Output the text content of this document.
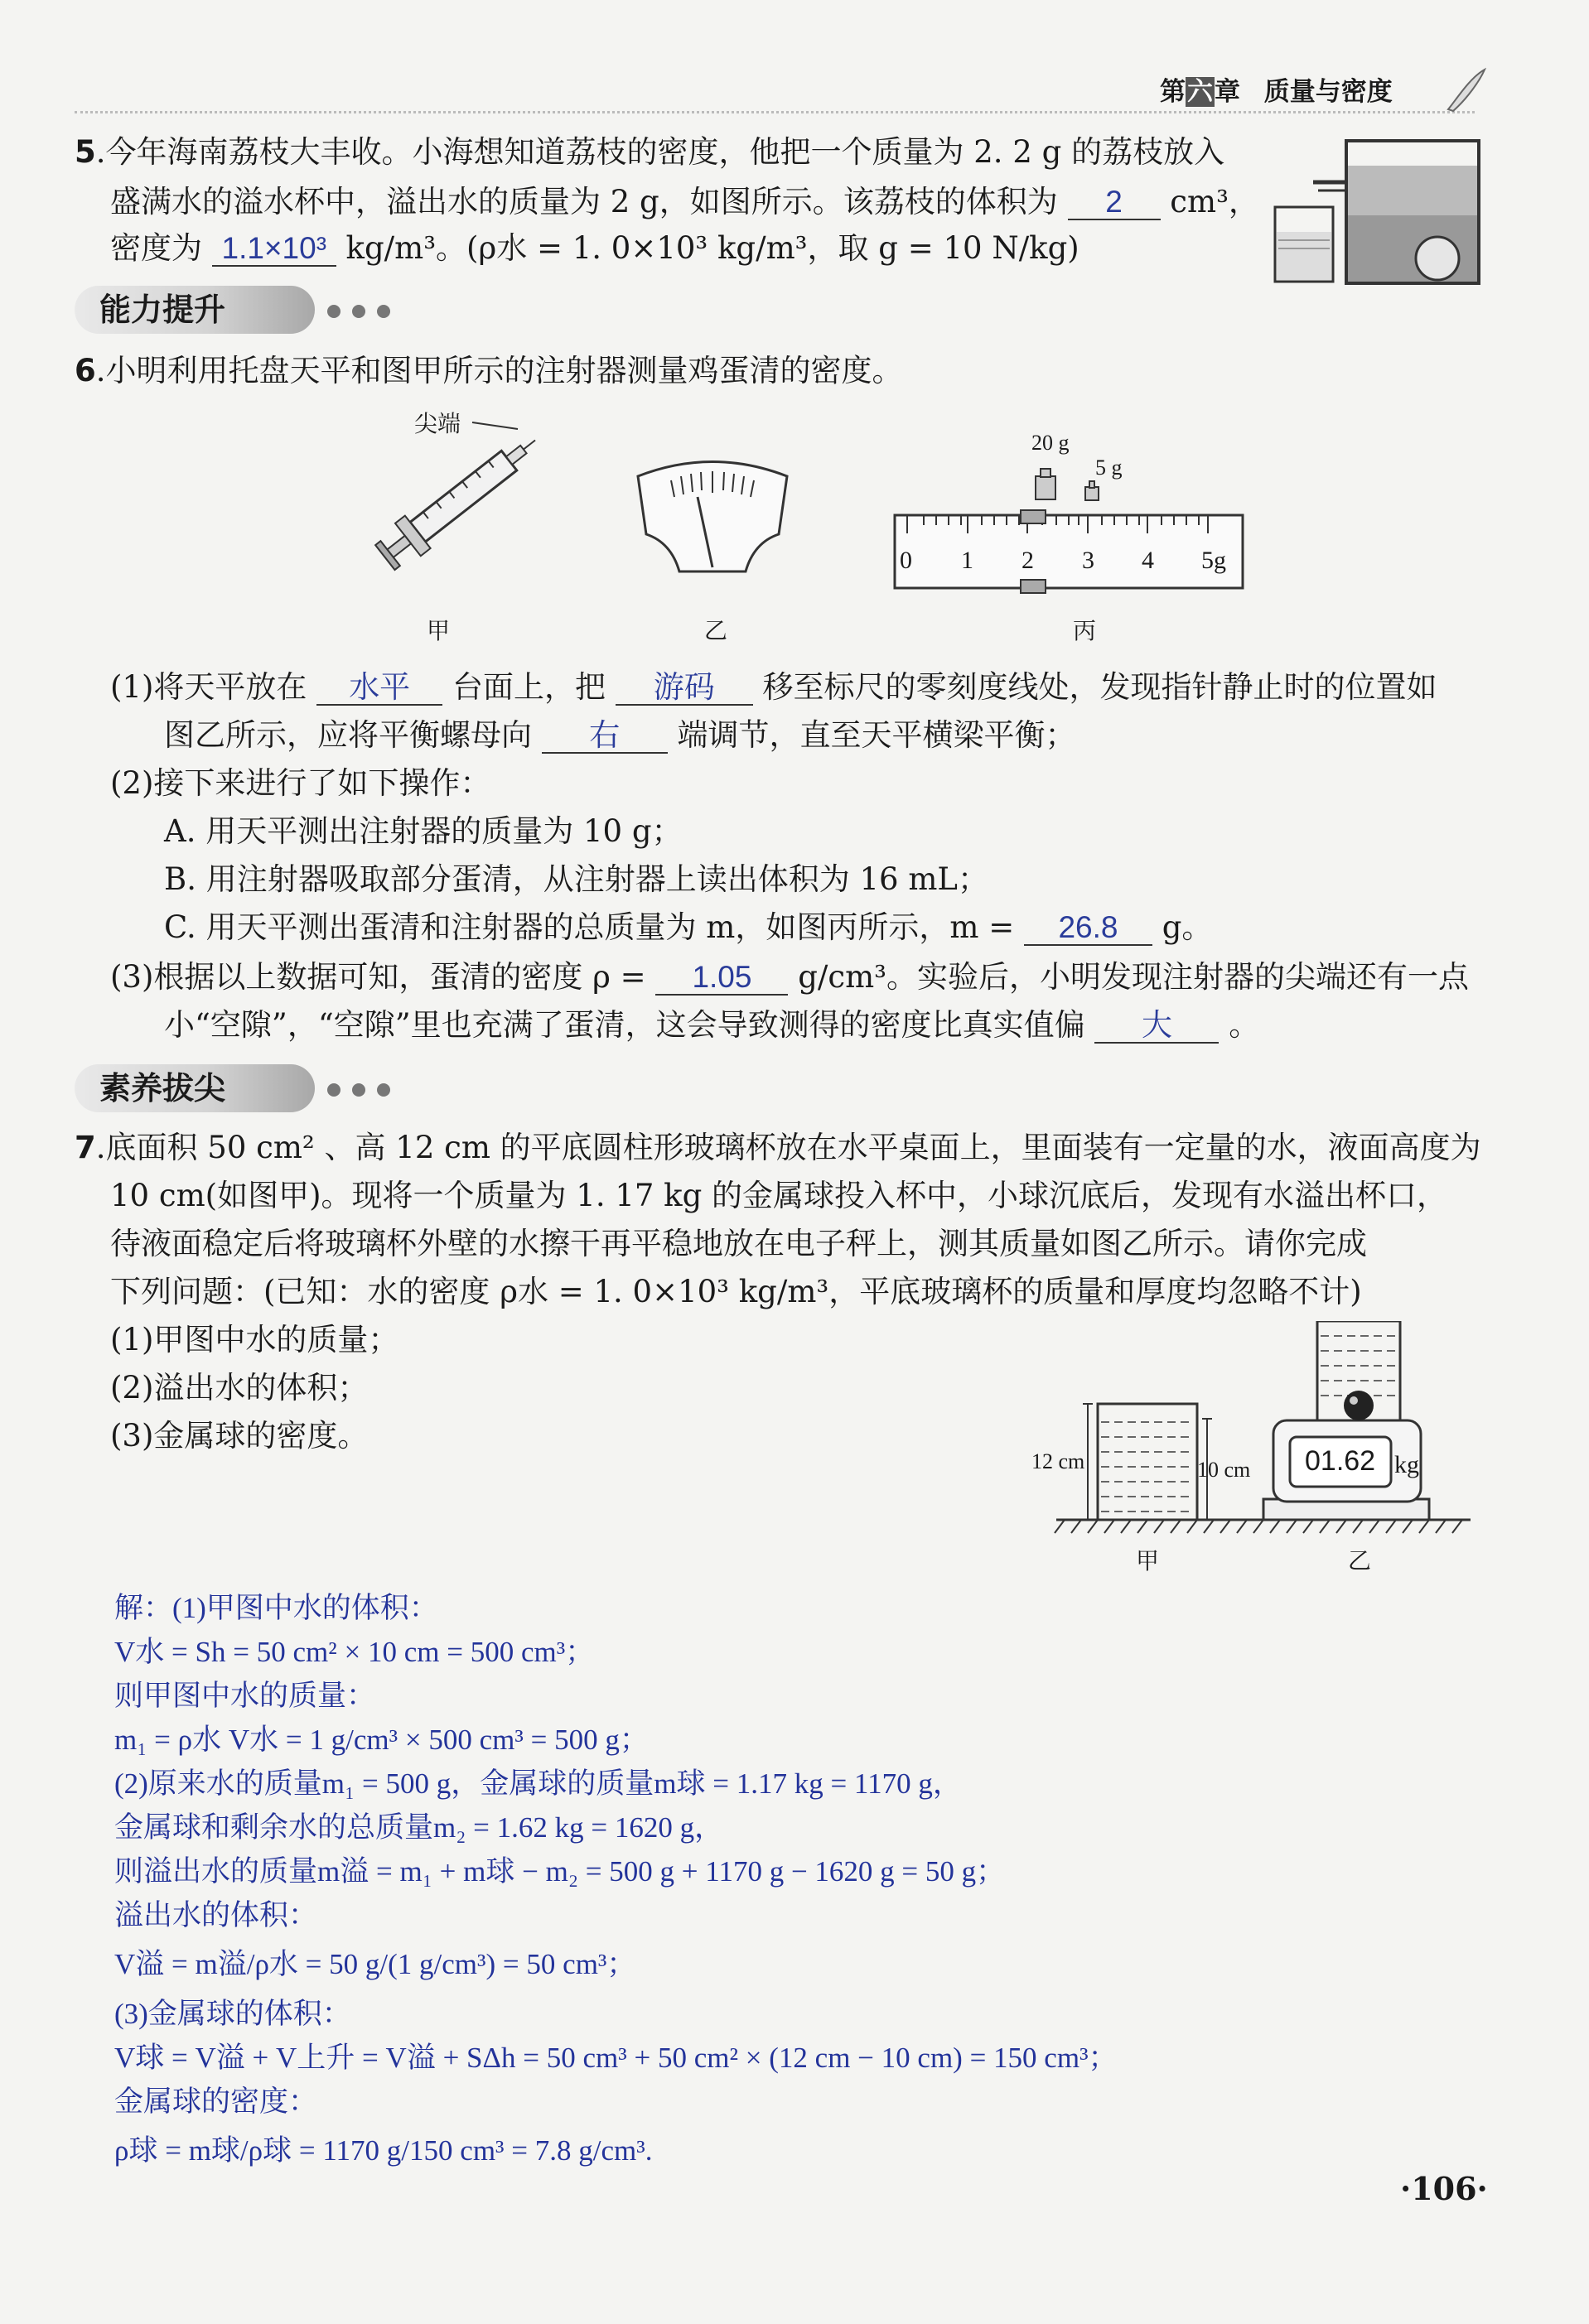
第六章 质量与密度
5.今年海南荔枝大丰收。小海想知道荔枝的密度，他把一个质量为 2. 2 g 的荔枝放入
盛满水的溢水杯中，溢出水的质量为 2 g，如图所示。该荔枝的体积为 2 cm³，
密度为 1.1×10³ kg/m³。(ρ水 = 1. 0×10³ kg/m³，取 g = 10 N/kg)
能力提升
6.小明利用托盘天平和图甲所示的注射器测量鸡蛋清的密度。
尖端
甲	乙
20 g
5 g
0 1 2 3 4 5g
丙
(1)将天平放在 水平 台面上，把 游码 移至标尺的零刻度线处，发现指针静止时的位置如
图乙所示，应将平衡螺母向 右 端调节，直至天平横梁平衡；
(2)接下来进行了如下操作：
A. 用天平测出注射器的质量为 10 g；
B. 用注射器吸取部分蛋清，从注射器上读出体积为 16 mL；
C. 用天平测出蛋清和注射器的总质量为 m，如图丙所示，m = 26.8 g。
(3)根据以上数据可知，蛋清的密度 ρ = 1.05 g/cm³。实验后，小明发现注射器的尖端还有一点
小“空隙”，“空隙”里也充满了蛋清，这会导致测得的密度比真实值偏 大 。
素养拔尖
7.底面积 50 cm² 、高 12 cm 的平底圆柱形玻璃杯放在水平桌面上，里面装有一定量的水，液面高度为
10 cm(如图甲)。现将一个质量为 1. 17 kg 的金属球投入杯中，小球沉底后，发现有水溢出杯口，
待液面稳定后将玻璃杯外壁的水擦干再平稳地放在电子秤上，测其质量如图乙所示。请你完成
下列问题：(已知：水的密度 ρ水 = 1. 0×10³ kg/m³，平底玻璃杯的质量和厚度均忽略不计)
(1)甲图中水的质量；
(2)溢出水的体积；
(3)金属球的密度。
12 cm	10 cm 01.62 kg
甲	乙
解：(1)甲图中水的体积：
V水 = Sh = 50 cm² × 10 cm = 500 cm³；
则甲图中水的质量：
m₁ = ρ水 V水 = 1 g/cm³ × 500 cm³ = 500 g；
(2)原来水的质量m₁ = 500 g，金属球的质量m球 = 1.17 kg = 1170 g，
金属球和剩余水的总质量m₂ = 1.62 kg = 1620 g，
则溢出水的质量m溢 = m₁ + m球 − m₂ = 500 g + 1170 g − 1620 g = 50 g；
溢出水的体积：
V溢 = m溢/ρ水 = 50 g/(1 g/cm³) = 50 cm³；
(3)金属球的体积：
V球 = V溢 + V上升 = V溢 + SΔh = 50 cm³ + 50 cm² × (12 cm − 10 cm) = 150 cm³；
金属球的密度：
ρ球 = m球/ρ球 = 1170 g/150 cm³ = 7.8 g/cm³.
·106·
